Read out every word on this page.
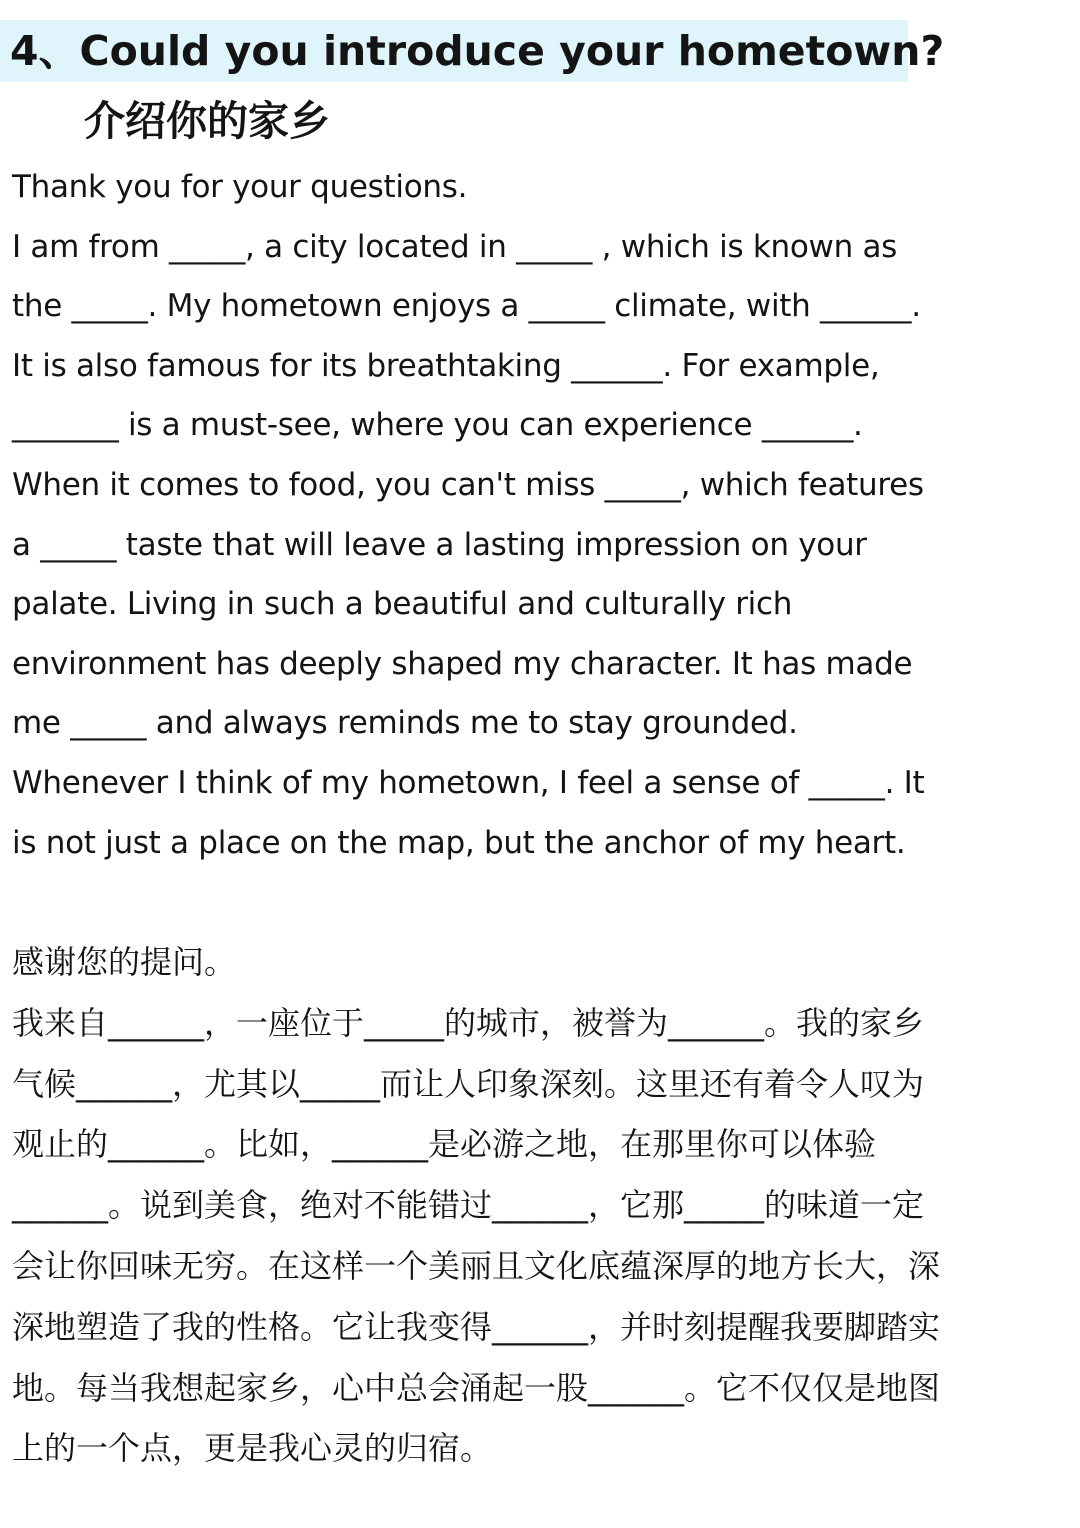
4、Could you introduce your hometown?
介绍你的家乡
Thank you for your questions.
I am from _____, a city located in _____ , which is known as
the _____. My hometown enjoys a _____ climate, with ______.
It is also famous for its breathtaking ______. For example,
_______ is a must-see, where you can experience ______.
When it comes to food, you can't miss _____, which features
a _____ taste that will leave a lasting impression on your
palate. Living in such a beautiful and culturally rich
environment has deeply shaped my character. It has made
me _____ and always reminds me to stay grounded.
Whenever I think of my hometown, I feel a sense of _____. It
is not just a place on the map, but the anchor of my heart.
感谢您的提问。
我来自______，一座位于_____的城市，被誉为______。我的家乡
气候______，尤其以_____而让人印象深刻。这里还有着令人叹为
观止的______。比如，______是必游之地，在那里你可以体验
______。说到美食，绝对不能错过______，它那_____的味道一定
会让你回味无穷。在这样一个美丽且文化底蕴深厚的地方长大，深
深地塑造了我的性格。它让我变得______，并时刻提醒我要脚踏实
地。每当我想起家乡，心中总会涌起一股______。它不仅仅是地图
上的一个点，更是我心灵的归宿。
